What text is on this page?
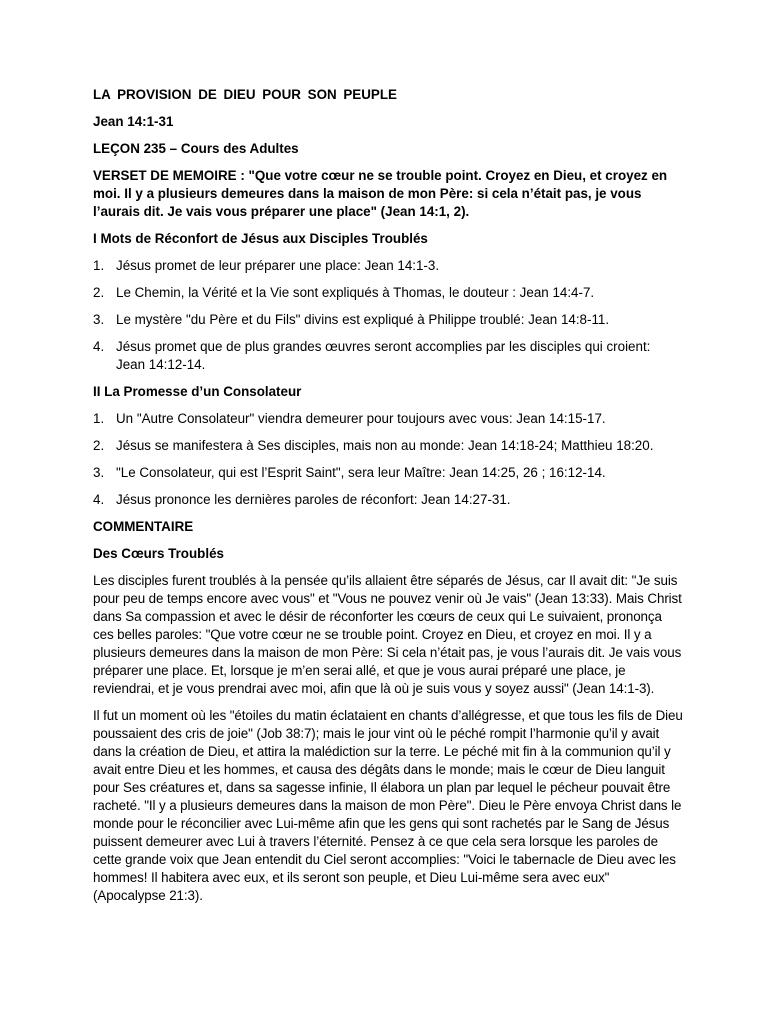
LA PROVISION DE DIEU POUR SON PEUPLE
Jean 14:1-31
LEÇON 235 – Cours des Adultes
VERSET DE MEMOIRE : "Que votre cœur ne se trouble point. Croyez en Dieu, et croyez en moi. Il y a plusieurs demeures dans la maison de mon Père: si cela n’était pas, je vous l’aurais dit. Je vais vous préparer une place" (Jean 14:1, 2).
I Mots de Réconfort de Jésus aux Disciples Troublés
1. Jésus promet de leur préparer une place: Jean 14:1-3.
2. Le Chemin, la Vérité et la Vie sont expliqués à Thomas, le douteur : Jean 14:4-7.
3. Le mystère "du Père et du Fils" divins est expliqué à Philippe troublé: Jean 14:8-11.
4. Jésus promet que de plus grandes œuvres seront accomplies par les disciples qui croient: Jean 14:12-14.
II La Promesse d’un Consolateur
1. Un "Autre Consolateur" viendra demeurer pour toujours avec vous: Jean 14:15-17.
2. Jésus se manifestera à Ses disciples, mais non au monde: Jean 14:18-24; Matthieu 18:20.
3. "Le Consolateur, qui est l’Esprit Saint", sera leur Maître: Jean 14:25, 26 ; 16:12-14.
4. Jésus prononce les dernières paroles de réconfort: Jean 14:27-31.
COMMENTAIRE
Des Cœurs Troublés
Les disciples furent troublés à la pensée qu’ils allaient être séparés de Jésus, car Il avait dit: "Je suis pour peu de temps encore avec vous" et "Vous ne pouvez venir où Je vais" (Jean 13:33). Mais Christ dans Sa compassion et avec le désir de réconforter les cœurs de ceux qui Le suivaient, prononça ces belles paroles: "Que votre cœur ne se trouble point. Croyez en Dieu, et croyez en moi. Il y a plusieurs demeures dans la maison de mon Père: Si cela n’était pas, je vous l’aurais dit. Je vais vous préparer une place. Et, lorsque je m’en serai allé, et que je vous aurai préparé une place, je reviendrai, et je vous prendrai avec moi, afin que là où je suis vous y soyez aussi" (Jean 14:1-3).
Il fut un moment où les "étoiles du matin éclataient en chants d’allégresse, et que tous les fils de Dieu poussaient des cris de joie" (Job 38:7); mais le jour vint où le péché rompit l’harmonie qu’il y avait dans la création de Dieu, et attira la malédiction sur la terre. Le péché mit fin à la communion qu’il y avait entre Dieu et les hommes, et causa des dégâts dans le monde; mais le cœur de Dieu languit pour Ses créatures et, dans sa sagesse infinie, Il élabora un plan par lequel le pécheur pouvait être racheté. "Il y a plusieurs demeures dans la maison de mon Père". Dieu le Père envoya Christ dans le monde pour le réconcilier avec Lui-même afin que les gens qui sont rachetés par le Sang de Jésus puissent demeurer avec Lui à travers l’éternité. Pensez à ce que cela sera lorsque les paroles de cette grande voix que Jean entendit du Ciel seront accomplies: "Voici le tabernacle de Dieu avec les hommes! Il habitera avec eux, et ils seront son peuple, et Dieu Lui-même sera avec eux" (Apocalypse 21:3).
